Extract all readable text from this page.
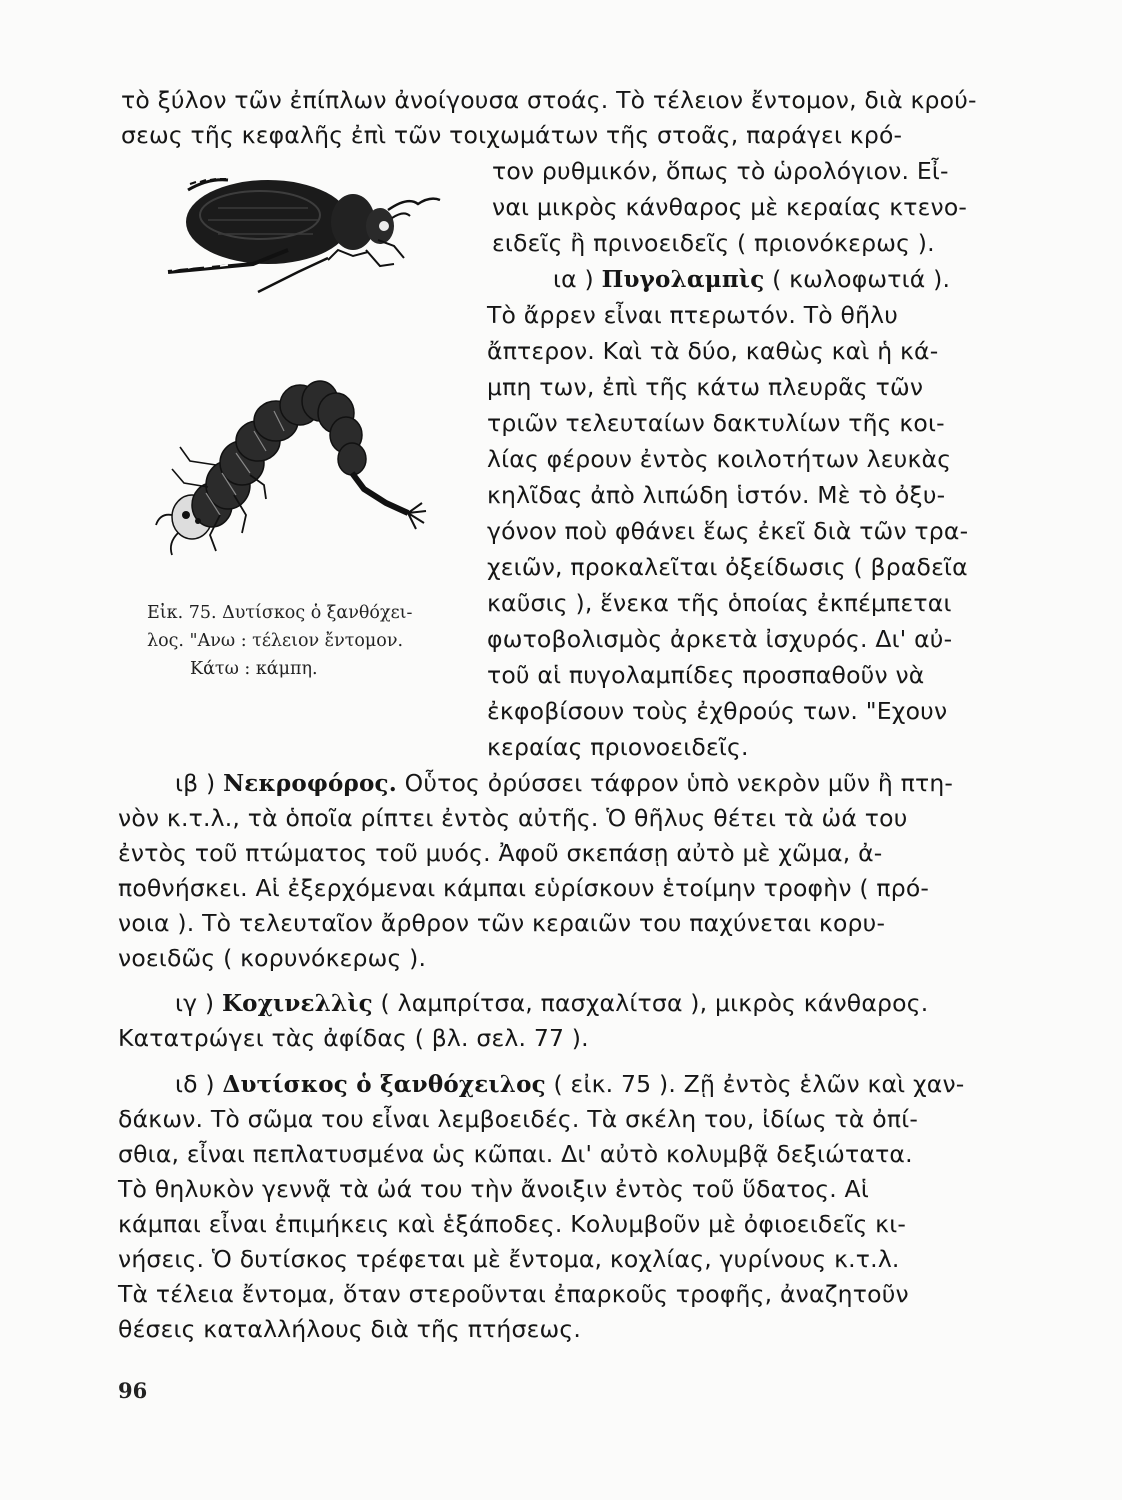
τὸ ξύλον τῶν ἐπίπλων ἀνοίγουσα στοάς. Τὸ τέλειον ἔντομον, διὰ κρού-
σεως τῆς κεφαλῆς ἐπὶ τῶν τοιχωμάτων τῆς στοᾶς, παράγει κρό-
τον ρυθμικόν, ὅπως τὸ ὡρολόγιον. Εἶ-
ναι μικρὸς κάνθαρος μὲ κεραίας κτενο-
ειδεῖς ἢ πρινοειδεῖς ( πριονόκερως ).
ια ) Πυγολαμπὶς ( κωλοφωτιά ).
Τὸ ἄρρεν εἶναι πτερωτόν. Τὸ θῆλυ
ἄπτερον. Καὶ τὰ δύο, καθὼς καὶ ἡ κά-
μπη των, ἐπὶ τῆς κάτω πλευρᾶς τῶν
τριῶν τελευταίων δακτυλίων τῆς κοι-
λίας φέρουν ἐντὸς κοιλοτήτων λευκὰς
κηλῖδας ἀπὸ λιπώδη ἱστόν. Μὲ τὸ ὀξυ-
γόνον ποὺ φθάνει ἕως ἐκεῖ διὰ τῶν τρα-
χειῶν, προκαλεῖται ὀξείδωσις ( βραδεῖα
καῦσις ), ἕνεκα τῆς ὁποίας ἐκπέμπεται
φωτοβολισμὸς ἀρκετὰ ἰσχυρός. Δι' αὐ-
τοῦ αἱ πυγολαμπίδες προσπαθοῦν νὰ
ἐκφοβίσουν τοὺς ἐχθρούς των. "Εχουν
κεραίας πριονοειδεῖς.
Εἰκ. 75. Δυτίσκος ὁ ξανθόχει-
λος. "Ανω : τέλειον ἔντομον.
Κάτω : κάμπη.
ιβ ) Νεκροφόρος. Οὗτος ὀρύσσει τάφρον ὑπὸ νεκρὸν μῦν ἢ πτη-
νὸν κ.τ.λ., τὰ ὁποῖα ρίπτει ἐντὸς αὐτῆς. Ὁ θῆλυς θέτει τὰ ὠά του
ἐντὸς τοῦ πτώματος τοῦ μυός. Ἀφοῦ σκεπάσῃ αὐτὸ μὲ χῶμα, ἀ-
ποθνήσκει. Αἱ ἐξερχόμεναι κάμπαι εὑρίσκουν ἑτοίμην τροφὴν ( πρό-
νοια ). Τὸ τελευταῖον ἄρθρον τῶν κεραιῶν του παχύνεται κορυ-
νοειδῶς ( κορυνόκερως ).
ιγ ) Κοχινελλὶς ( λαμπρίτσα, πασχαλίτσα ), μικρὸς κάνθαρος.
Κατατρώγει τὰς ἀφίδας ( βλ. σελ. 77 ).
ιδ ) Δυτίσκος ὁ ξανθόχειλος ( εἰκ. 75 ). Ζῇ ἐντὸς ἑλῶν καὶ χαν-
δάκων. Τὸ σῶμα του εἶναι λεμβοειδές. Τὰ σκέλη του, ἰδίως τὰ ὀπί-
σθια, εἶναι πεπλατυσμένα ὡς κῶπαι. Δι' αὐτὸ κολυμβᾷ δεξιώτατα.
Τὸ θηλυκὸν γεννᾷ τὰ ὠά του τὴν ἄνοιξιν ἐντὸς τοῦ ὕδατος. Αἱ
κάμπαι εἶναι ἐπιμήκεις καὶ ἑξάποδες. Κολυμβοῦν μὲ ὀφιοειδεῖς κι-
νήσεις. Ὁ δυτίσκος τρέφεται μὲ ἔντομα, κοχλίας, γυρίνους κ.τ.λ.
Τὰ τέλεια ἔντομα, ὅταν στεροῦνται ἐπαρκοῦς τροφῆς, ἀναζητοῦν
θέσεις καταλλήλους διὰ τῆς πτήσεως.
96
